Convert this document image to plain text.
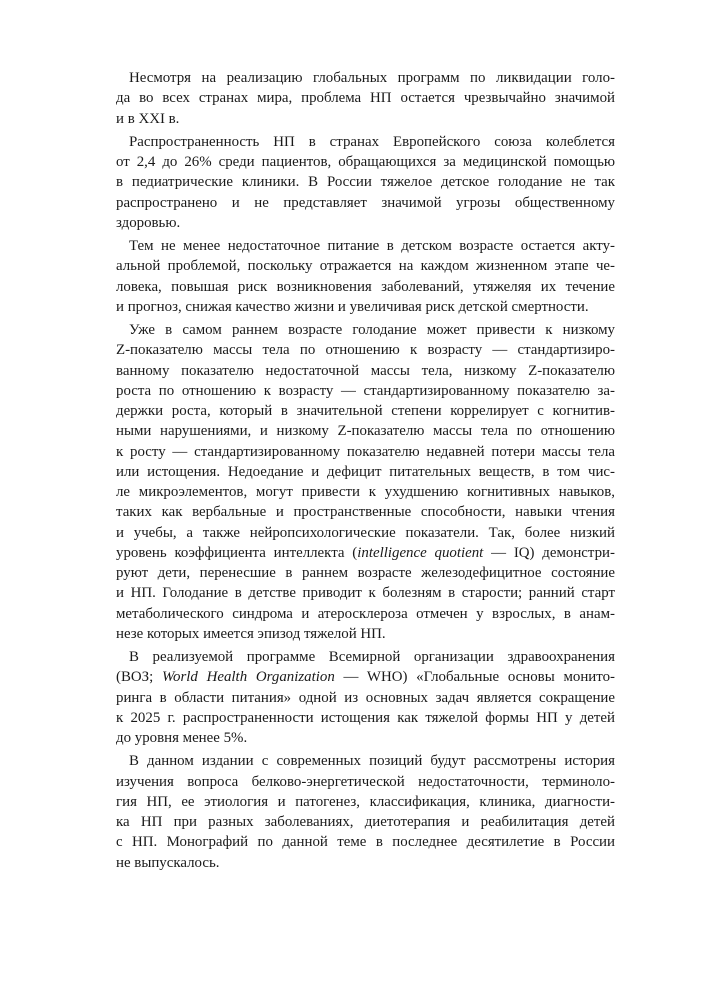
Несмотря на реализацию глобальных программ по ликвидации голо-
да во всех странах мира, проблема НП остается чрезвычайно значимой
и в XXI в.
Распространенность НП в странах Европейского союза колеблется
от 2,4 до 26% среди пациентов, обращающихся за медицинской помощью
в педиатрические клиники. В России тяжелое детское голодание не так
распространено и не представляет значимой угрозы общественному
здоровью.
Тем не менее недостаточное питание в детском возрасте остается акту-
альной проблемой, поскольку отражается на каждом жизненном этапе че-
ловека, повышая риск возникновения заболеваний, утяжеляя их течение
и прогноз, снижая качество жизни и увеличивая риск детской смертности.
Уже в самом раннем возрасте голодание может привести к низкому
Z-показателю массы тела по отношению к возрасту — стандартизиро-
ванному показателю недостаточной массы тела, низкому Z-показателю
роста по отношению к возрасту — стандартизированному показателю за-
держки роста, который в значительной степени коррелирует с когнитив-
ными нарушениями, и низкому Z-показателю массы тела по отношению
к росту — стандартизированному показателю недавней потери массы тела
или истощения. Недоедание и дефицит питательных веществ, в том чис-
ле микроэлементов, могут привести к ухудшению когнитивных навыков,
таких как вербальные и пространственные способности, навыки чтения
и учебы, а также нейропсихологические показатели. Так, более низкий
уровень коэффициента интеллекта (intelligence quotient — IQ) демонстри-
руют дети, перенесшие в раннем возрасте железодефицитное состояние
и НП. Голодание в детстве приводит к болезням в старости; ранний старт
метаболического синдрома и атеросклероза отмечен у взрослых, в анам-
незе которых имеется эпизод тяжелой НП.
В реализуемой программе Всемирной организации здравоохранения
(ВОЗ; World Health Organization — WHO) «Глобальные основы монито-
ринга в области питания» одной из основных задач является сокращение
к 2025 г. распространенности истощения как тяжелой формы НП у детей
до уровня менее 5%.
В данном издании с современных позиций будут рассмотрены история
изучения вопроса белково-энергетической недостаточности, терминоло-
гия НП, ее этиология и патогенез, классификация, клиника, диагности-
ка НП при разных заболеваниях, диетотерапия и реабилитация детей
с НП. Монографий по данной теме в последнее десятилетие в России
не выпускалось.
